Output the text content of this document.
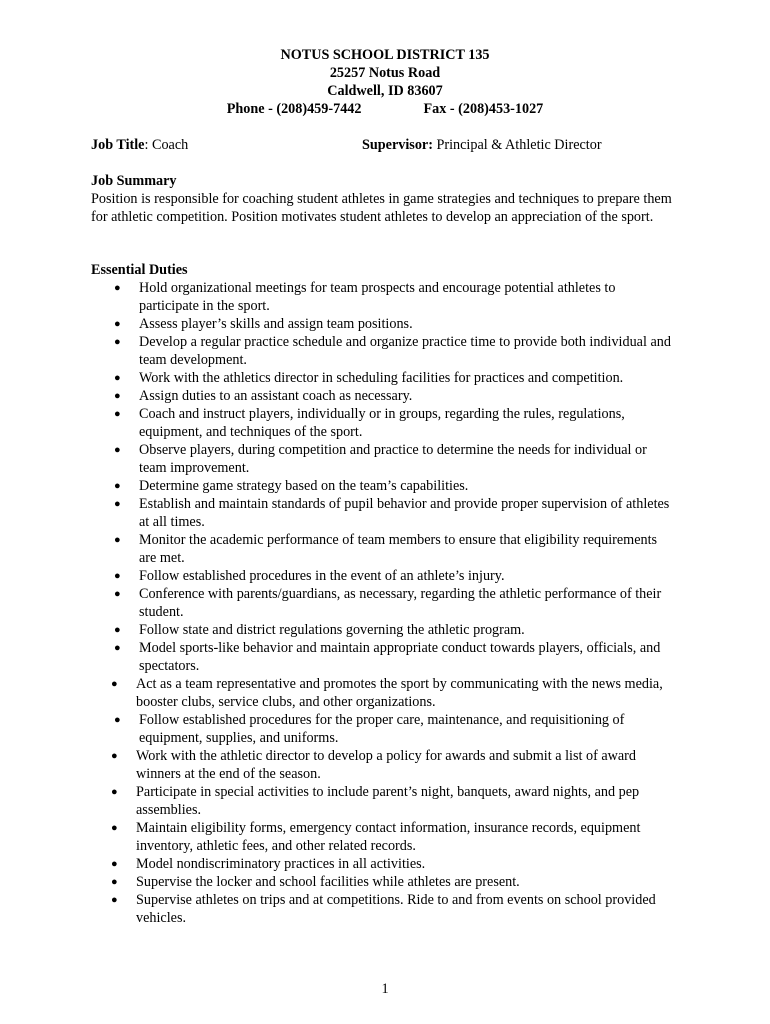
NOTUS SCHOOL DISTRICT 135
25257 Notus Road
Caldwell, ID 83607
Phone - (208)459-7442	Fax - (208)453-1027
Job Title: Coach	Supervisor: Principal & Athletic Director
Job Summary
Position is responsible for coaching student athletes in game strategies and techniques to prepare them for athletic competition. Position motivates student athletes to develop an appreciation of the sport.
Essential Duties
● Hold organizational meetings for team prospects and encourage potential athletes to participate in the sport.
● Assess player’s skills and assign team positions.
● Develop a regular practice schedule and organize practice time to provide both individual and team development.
● Work with the athletics director in scheduling facilities for practices and competition.
● Assign duties to an assistant coach as necessary.
● Coach and instruct players, individually or in groups, regarding the rules, regulations, equipment, and techniques of the sport.
● Observe players, during competition and practice to determine the needs for individual or team improvement.
● Determine game strategy based on the team’s capabilities.
● Establish and maintain standards of pupil behavior and provide proper supervision of athletes at all times.
● Monitor the academic performance of team members to ensure that eligibility requirements are met.
● Follow established procedures in the event of an athlete’s injury.
● Conference with parents/guardians, as necessary, regarding the athletic performance of their student.
● Follow state and district regulations governing the athletic program.
● Model sports-like behavior and maintain appropriate conduct towards players, officials, and spectators.
● Act as a team representative and promotes the sport by communicating with the news media, booster clubs, service clubs, and other organizations.
● Follow established procedures for the proper care, maintenance, and requisitioning of equipment, supplies, and uniforms.
● Work with the athletic director to develop a policy for awards and submit a list of award winners at the end of the season.
● Participate in special activities to include parent’s night, banquets, award nights, and pep assemblies.
● Maintain eligibility forms, emergency contact information, insurance records, equipment inventory, athletic fees, and other related records.
● Model nondiscriminatory practices in all activities.
● Supervise the locker and school facilities while athletes are present.
● Supervise athletes on trips and at competitions. Ride to and from events on school provided vehicles.
1
